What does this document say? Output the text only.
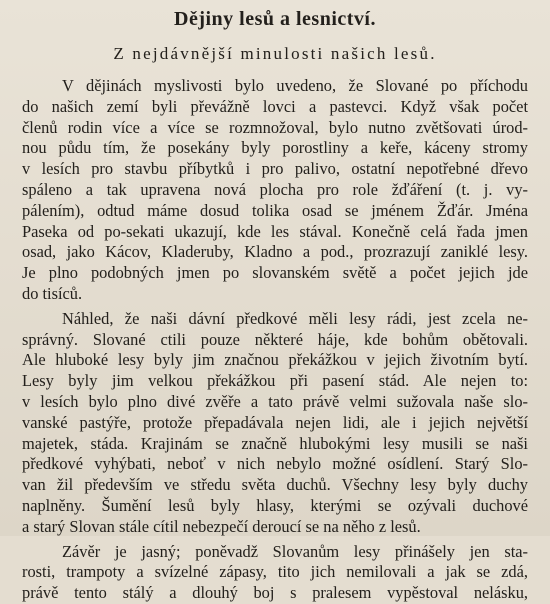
Dějiny lesů a lesnictví.
Z nejdávnější minulosti našich lesů.
V dějinách myslivosti bylo uvedeno, že Slované po příchodu
do našich zemí byli převážně lovci a pastevci. Když však počet
členů rodin více a více se rozmnožoval, bylo nutno zvětšovati úrod-
nou půdu tím, že posekány byly porostliny a keře, káceny stromy
v lesích pro stavbu příbytků i pro palivo, ostatní nepotřebné dřevo
spáleno a tak upravena nová plocha pro role žďáření (t. j. vy-
pálením), odtud máme dosud tolika osad se jménem Žďár. Jména
Paseka od po-sekati ukazují, kde les stával. Konečně celá řada jmen
osad, jako Kácov, Kladeruby, Kladno a pod., prozrazují zaniklé lesy.
Je plno podobných jmen po slovanském světě a počet jejich jde
do tisíců.
Náhled, že naši dávní předkové měli lesy rádi, jest zcela ne-
správný. Slované ctili pouze některé háje, kde bohům obětovali.
Ale hluboké lesy byly jim značnou překážkou v jejich životním bytí.
Lesy byly jim velkou překážkou při pasení stád. Ale nejen to:
v lesích bylo plno divé zvěře a tato právě velmi sužovala naše slo-
vanské pastýře, protože přepadávala nejen lidi, ale i jejich největší
majetek, stáda. Krajinám se značně hlubokými lesy musili se naši
předkové vyhýbati, neboť v nich nebylo možné osídlení. Starý Slo-
van žil především ve středu světa duchů. Všechny lesy byly duchy
naplněny. Šumění lesů byly hlasy, kterými se ozývali duchové
a starý Slovan stále cítil nebezpečí deroucí se na něho z lesů.
Závěr je jasný; poněvadž Slovanům lesy přinášely jen sta-
rosti, trampoty a svízelné zápasy, tito jich nemilovali a jak se zdá,
právě tento stálý a dlouhý boj s pralesem vypěstoval nelásku,
